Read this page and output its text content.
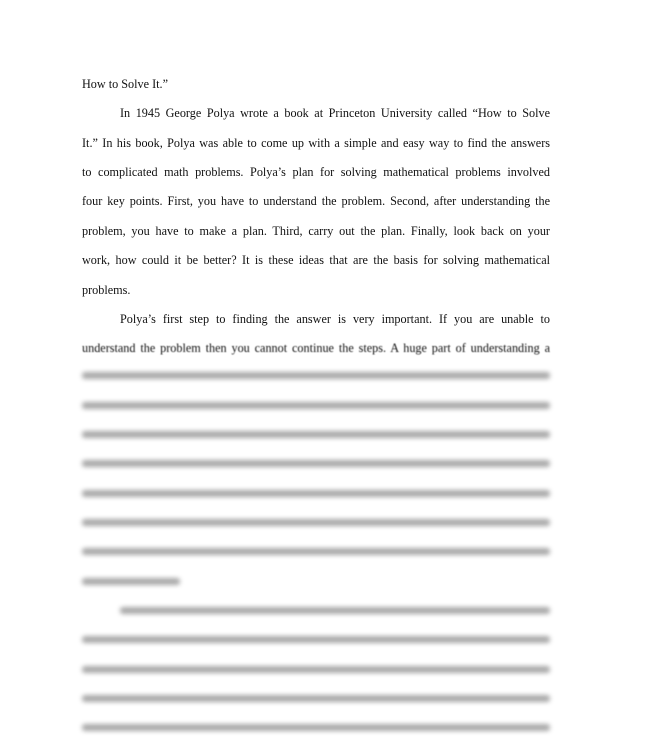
How to Solve It.”
In 1945 George Polya wrote a book at Princeton University called “How to Solve
It.” In his book, Polya was able to come up with a simple and easy way to find the answers
to complicated math problems. Polya’s plan for solving mathematical problems involved
four key points. First, you have to understand the problem. Second, after understanding the
problem, you have to make a plan. Third, carry out the plan. Finally, look back on your
work, how could it be better? It is these ideas that are the basis for solving mathematical
problems.
Polya’s first step to finding the answer is very important. If you are unable to
understand the problem then you cannot continue the steps. A huge part of understanding a
